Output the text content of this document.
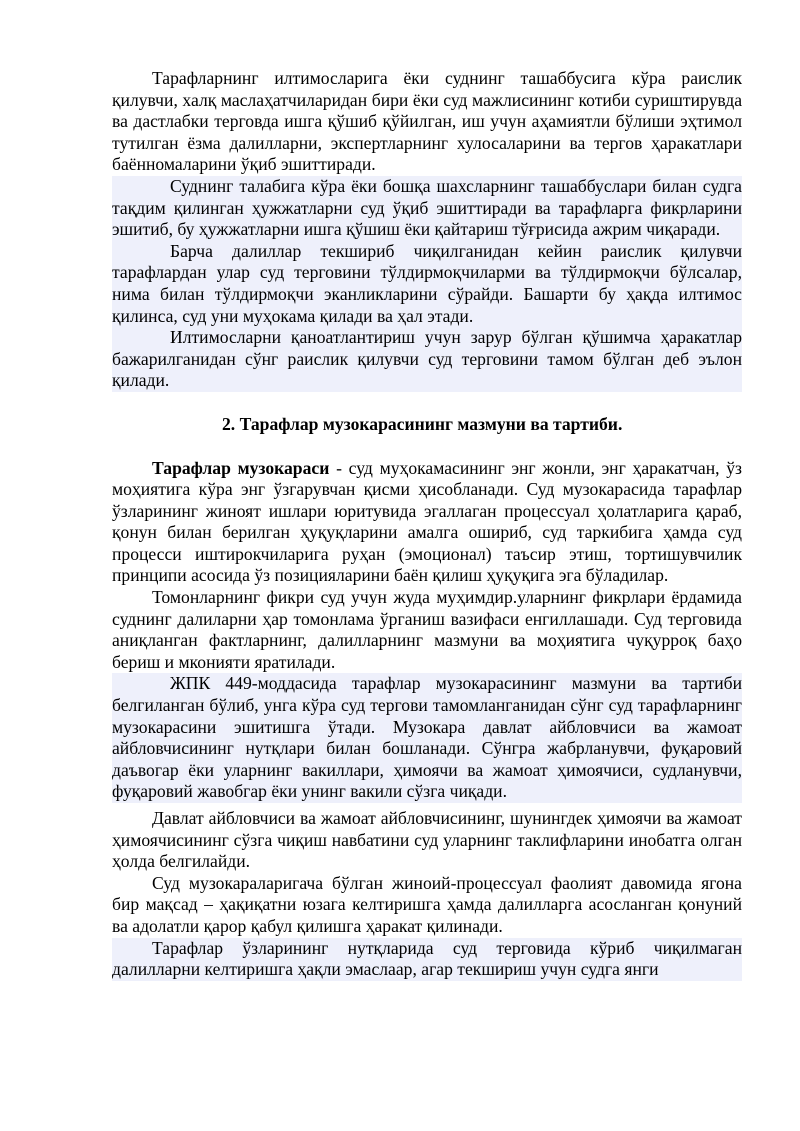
Тарафларнинг илтимосларига ёки суднинг ташаббусига кўра раислик қилувчи, халқ маслаҳатчиларидан бири ёки суд мажлисининг котиби суриштирувда ва дастлабки терговда ишга қўшиб қўйилган, иш учун аҳамиятли бўлиши эҳтимол тутилган ёзма далилларни, экспертларнинг хулосаларини ва тергов ҳаракатлари баённомаларини ўқиб эшиттиради.

Суднинг талабига кўра ёки бошқа шахсларнинг ташаббуслари билан судга тақдим қилинган ҳужжатларни суд ўқиб эшиттиради ва тарафларга фикрларини эшитиб, бу ҳужжатларни ишга қўшиш ёки қайтариш тўғрисида ажрим чиқаради.

Барча далиллар текшириб чиқилганидан кейин раислик қилувчи тарафлардан улар суд терговини тўлдирмоқчиларми ва тўлдирмоқчи бўлсалар, нима билан тўлдирмоқчи эканликларини сўрайди. Башарти бу ҳақда илтимос қилинса, суд уни муҳокама қилади ва ҳал этади.

Илтимосларни қаноатлантириш учун зарур бўлган қўшимча ҳаракатлар бажарилганидан сўнг раислик қилувчи суд терговини тамом бўлган деб эълон қилади.

2. Тарафлар музокарасининг мазмуни ва тартиби.

Тарафлар музокараси - суд муҳокамасининг энг жонли, энг ҳаракатчан, ўз моҳиятига кўра энг ўзгарувчан қисми ҳисобланади. Суд музокарасида тарафлар ўзларининг жиноят ишлари юритувида эгаллаган процессуал ҳолатларига қараб, қонун билан берилган ҳуқуқларини амалга ошириб, суд таркибига ҳамда суд процесси иштирокчиларига руҳан (эмоционал) таъсир этиш, тортишувчилик принципи асосида ўз позицияларини баён қилиш ҳуқуқига эга бўладилар.

Томонларнинг фикри суд учун жуда муҳимдир.уларнинг фикрлари ёрдамида суднинг далиларни ҳар томонлама ўрганиш вазифаси енгиллашади. Суд терговида аниқланган фактларнинг, далилларнинг мазмуни ва моҳиятига чуқурроқ баҳо бериш и мконияти яратилади.

ЖПК 449-моддасида тарафлар музокарасининг мазмуни ва тартиби белгиланган бўлиб, унга кўра суд тергови тамомланганидан сўнг суд тарафларнинг музокарасини эшитишга ўтади. Музокара давлат айбловчиси ва жамоат айбловчисининг нутқлари билан бошланади. Сўнгра жабрланувчи, фуқаровий даъвогар ёки уларнинг вакиллари, ҳимоячи ва жамоат ҳимоячиси, судланувчи, фуқаровий жавобгар ёки унинг вакили сўзга чиқади.

Давлат айбловчиси ва жамоат айбловчисининг, шунингдек ҳимоячи ва жамоат ҳимоячисининг сўзга чиқиш навбатини суд уларнинг таклифларини инобатга олган ҳолда белгилайди.

Суд музокараларигача бўлган жиноий-процессуал фаолият давомида ягона бир мақсад – ҳақиқатни юзага келтиришга ҳамда далилларга асосланган қонуний ва адолатли қарор қабул қилишга ҳаракат қилинади.

Тарафлар ўзларининг нутқларида суд терговида кўриб чиқилмаган далилларни келтиришга ҳақли эмаслаар, агар текшириш учун судга янги
